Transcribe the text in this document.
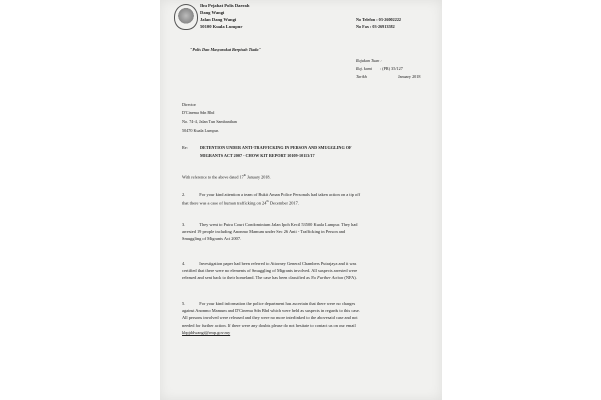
Ibu Pejabat Polis Daerah
Dang Wangi
Jalan Dang Wangi
50100 Kuala Lumpur
No Telefon : 03-26002222
No Fax : 03-26913582
"Polis Dan Masyarakat Berpisah Tiada"
Rujukan Tuan :
Ruj. kami : (PR) 35/127
Tarikh	January 2018
Director
D'Cinema Sdn Bhd
No. 74-4, Jalan Tun Sambanthan
50470 Kuala Lumpur.
Re:	DETENTION UNDER ANTI-TRAFFICKING IN PERSON AND SMUGGLING OF
MIGRANTS ACT 2007 - CHOW KIT REPORT 10109-10113/17
With reference to the above dated 17th January 2018.
2.	For your kind attention a team of Bukit Aman Police Personals had taken action on a tip off
that there was a case of human trafficking on 24th December 2017.
3.	They went to Putra Court Condominium Jalan Ipoh Kecil 53500 Kuala Lumpur. They had
arrested 19 people including Anonmo Mamum under Sec 26 Anti - Trafficking in Person and
Smuggling of Migrants Act 2007.
4.	Investigation paper had been referred to Attorney General Chambers Putrajaya and it was
certified that there were no elements of Smuggling of Migrants involved. All suspects arrested were
released and sent back to their homeland. The case has been classified as No Further Action (NFA).
5.	For your kind information the police department has ascertain that there were no charges
against Anonmo Mamum and D'Cinema Sdn Bhd which were held as suspects in regards to this case.
All persons involved were released and they were no more interlinked to the abovesaid case and not
needed for further action. If there were any doubts please do not hesitate to contact us on our email
kbpjddwangi@rmp.gov.my
